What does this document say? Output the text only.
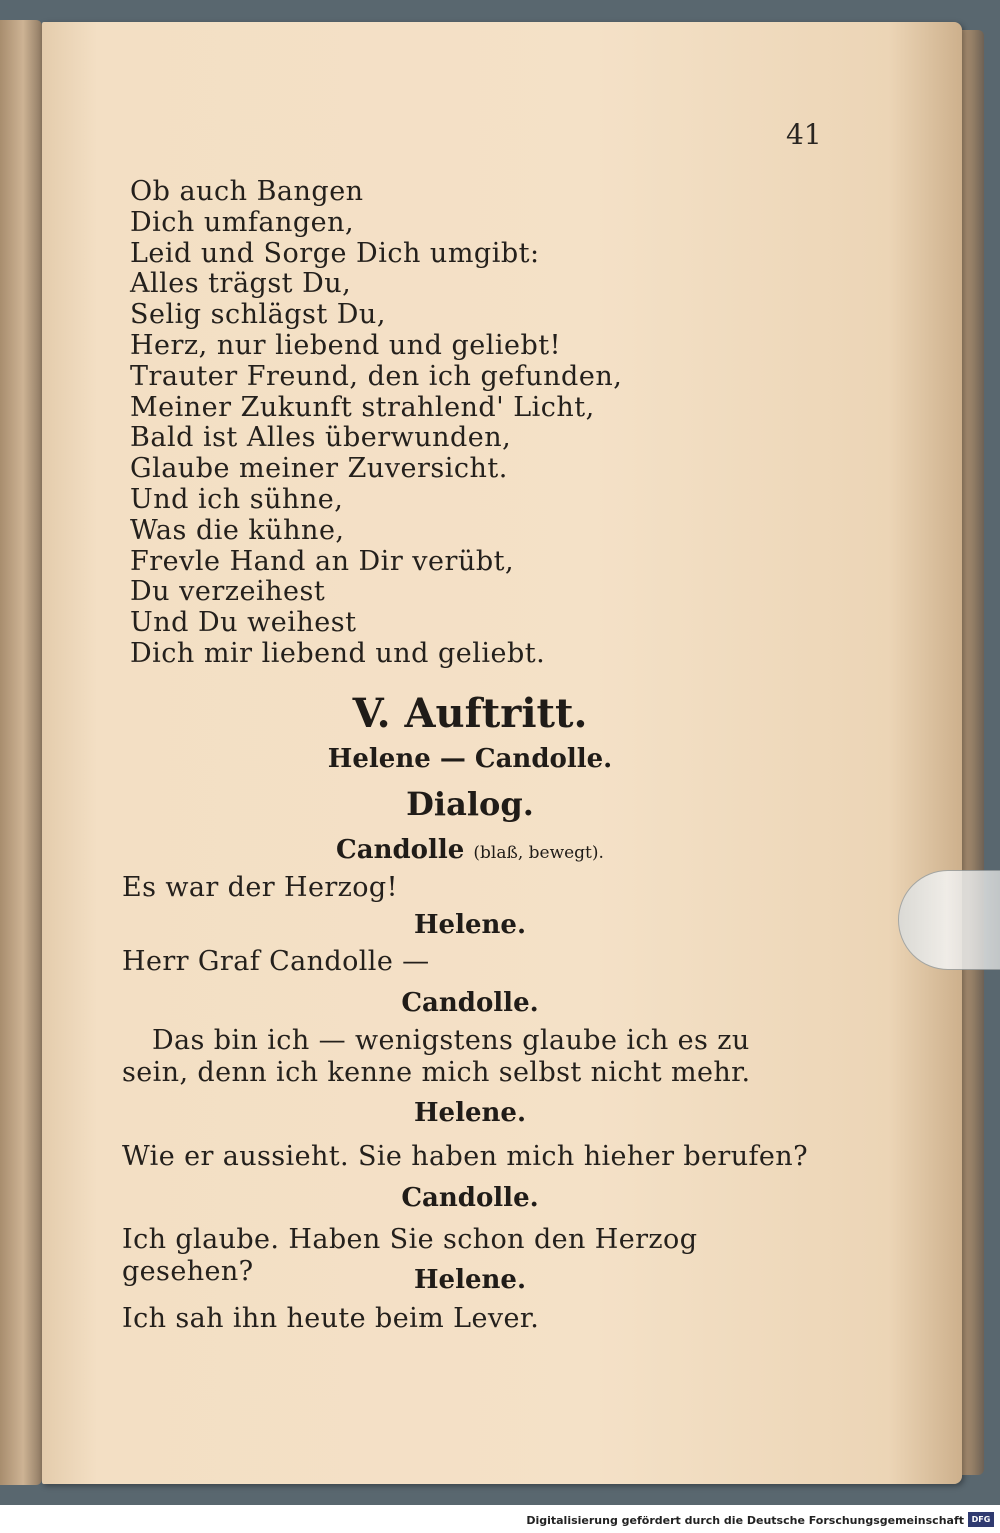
41
Ob auch Bangen
Dich umfangen,
Leid und Sorge Dich umgibt:
Alles trägst Du,
Selig schlägst Du,
Herz, nur liebend und geliebt!
Trauter Freund, den ich gefunden,
Meiner Zukunft strahlend' Licht,
Bald ist Alles überwunden,
Glaube meiner Zuversicht.
Und ich sühne,
Was die kühne,
Frevle Hand an Dir verübt,
Du verzeihest
Und Du weihest
Dich mir liebend und geliebt.
V. Auftritt.
Helene — Candolle.
Dialog.
Candolle (blaß, bewegt).
Es war der Herzog!
Helene.
Herr Graf Candolle —
Candolle.
Das bin ich — wenigstens glaube ich es zu sein, denn ich kenne mich selbst nicht mehr.
Helene.
Wie er aussieht. Sie haben mich hieher berufen?
Candolle.
Ich glaube. Haben Sie schon den Herzog gesehen?	Helene.
Ich sah ihn heute beim Lever.
Digitalisierung gefördert durch die Deutsche Forschungsgemeinschaft DFG
